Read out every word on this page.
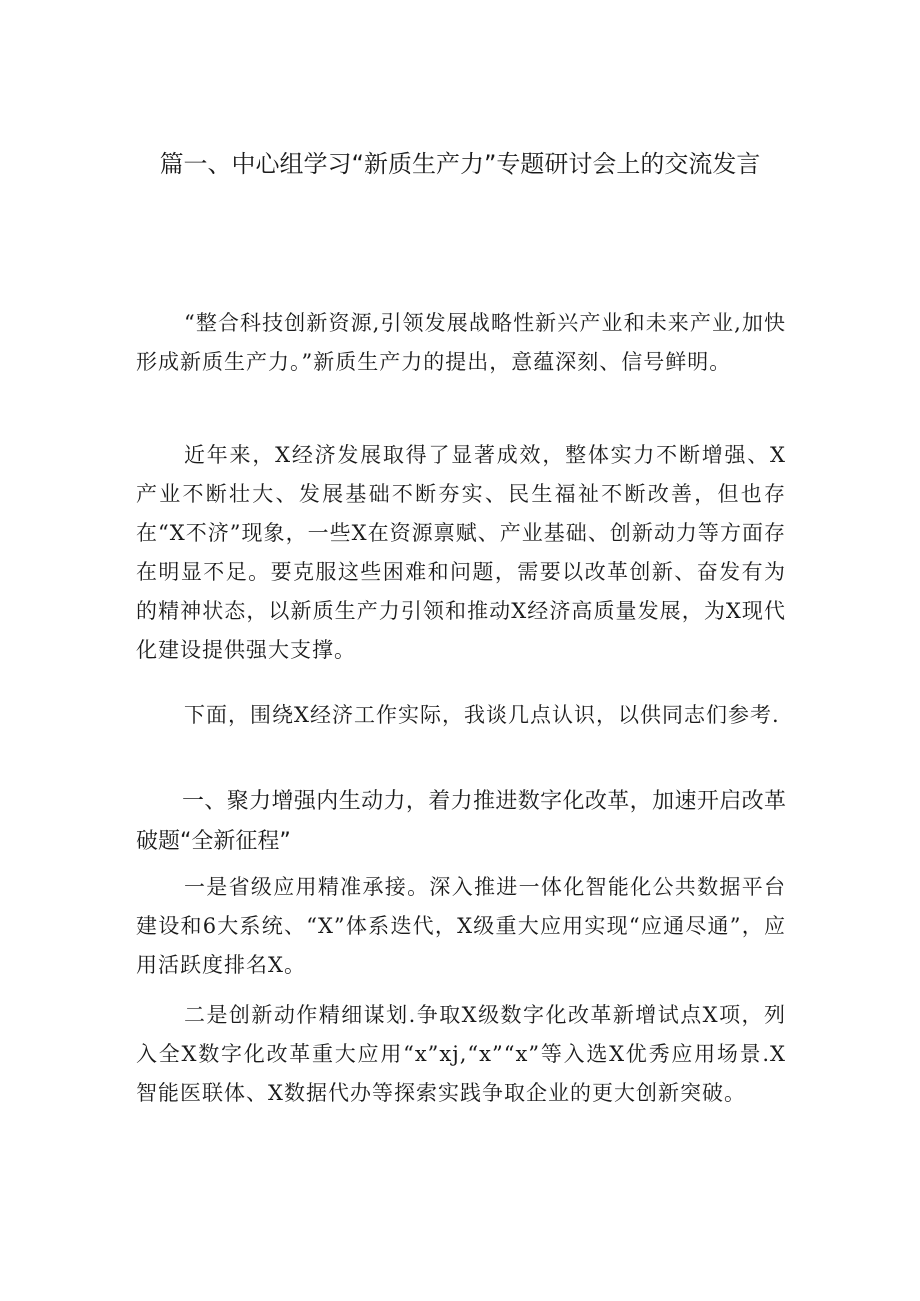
篇一、中心组学习“新质生产力”专题研讨会上的交流发言

“整合科技创新资源,引领发展战略性新兴产业和未来产业,加快形成新质生产力。”新质生产力的提出，意蕴深刻、信号鲜明。

近年来，X经济发展取得了显著成效，整体实力不断增强、X产业不断壮大、发展基础不断夯实、民生福祉不断改善，但也存在“X不济”现象，一些X在资源禀赋、产业基础、创新动力等方面存在明显不足。要克服这些困难和问题，需要以改革创新、奋发有为的精神状态，以新质生产力引领和推动X经济高质量发展，为X现代化建设提供强大支撑。

下面，围绕X经济工作实际，我谈几点认识，以供同志们参考.

一、聚力增强内生动力，着力推进数字化改革，加速开启改革破题“全新征程”

一是省级应用精准承接。深入推进一体化智能化公共数据平台建设和6大系统、“X”体系迭代，X级重大应用实现“应通尽通”，应用活跃度排名X。

二是创新动作精细谋划.争取X级数字化改革新增试点X项，列入全X数字化改革重大应用“x”xj,“x”“x”等入选X优秀应用场景.X智能医联体、X数据代办等探索实践争取企业的更大创新突破。
